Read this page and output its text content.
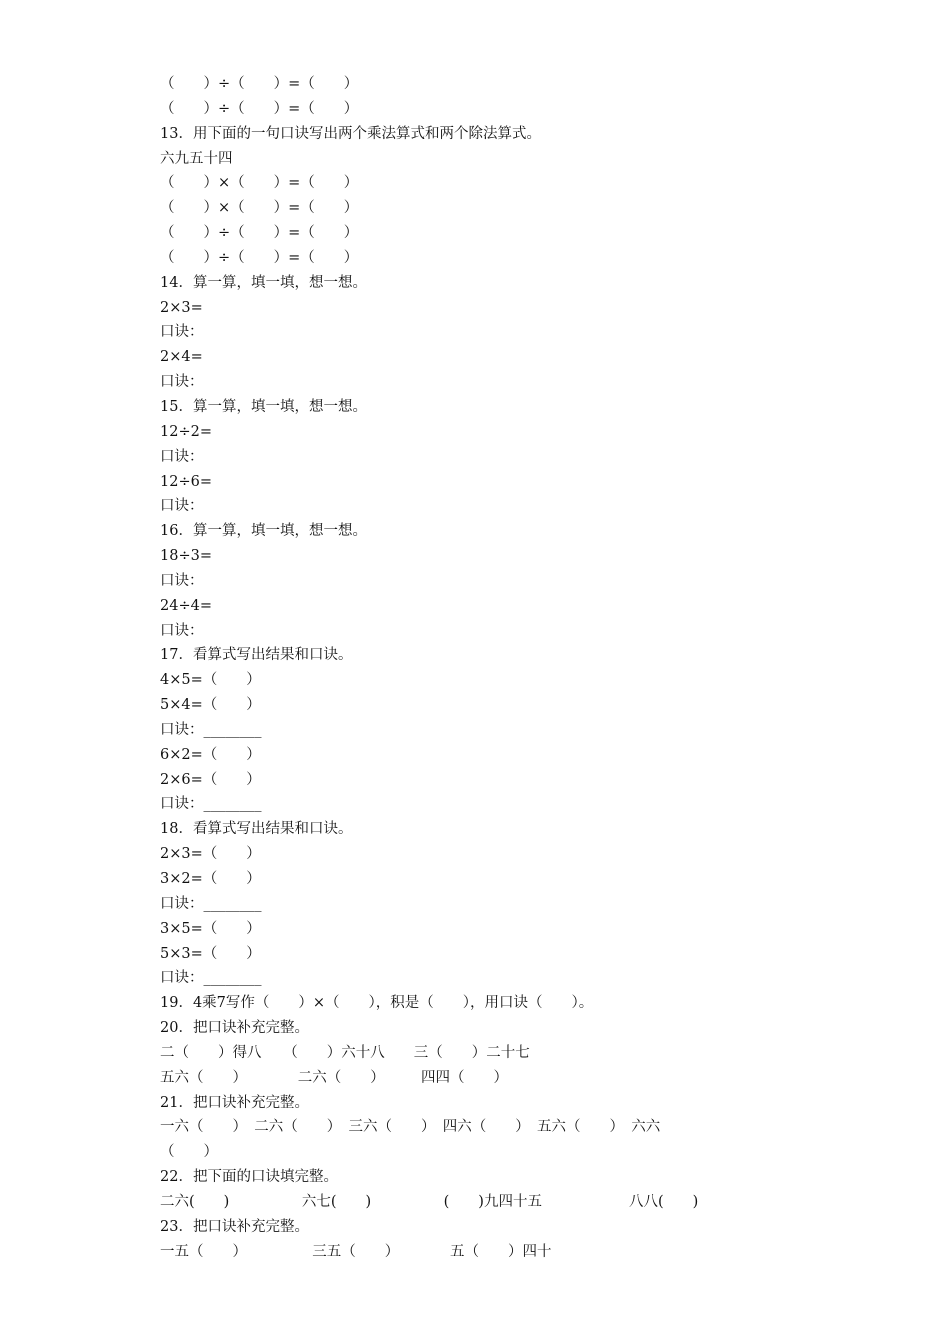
（　　）÷（　　）=（　　）
（　　）÷（　　）=（　　）
13．用下面的一句口诀写出两个乘法算式和两个除法算式。
六九五十四
（　　）×（　　）=（　　）
（　　）×（　　）=（　　）
（　　）÷（　　）=（　　）
（　　）÷（　　）=（　　）
14．算一算，填一填，想一想。
2×3=
口诀：
2×4=
口诀：
15．算一算，填一填，想一想。
12÷2=
口诀：
12÷6=
口诀：
16．算一算，填一填，想一想。
18÷3=
口诀：
24÷4=
口诀：
17．看算式写出结果和口诀。
4×5=（　　）
5×4=（　　）
口诀：________
6×2=（　　）
2×6=（　　）
口诀：________
18．看算式写出结果和口诀。
2×3=（　　）
3×2=（　　）
口诀：________
3×5=（　　）
5×3=（　　）
口诀：________
19．4乘7写作（　　）×（　　），积是（　　），用口诀（　　）。
20．把口诀补充完整。
二（　　）得八　　（　　）六十八　　三（　　）二十七
五六（　　）　　　　二六（　　）　　　四四（　　）
21．把口诀补充完整。
一六（　　）　二六（　　）　三六（　　）　四六（　　）　五六（　　）　六六
（　　）
22．把下面的口诀填完整。
二六(　　)　　　　　六七(　　)　　　　　(　　)九四十五　　　　　　八八(　　)
23．把口诀补充完整。
一五（　　）　　　　　三五（　　）　　　　五（　　）四十
